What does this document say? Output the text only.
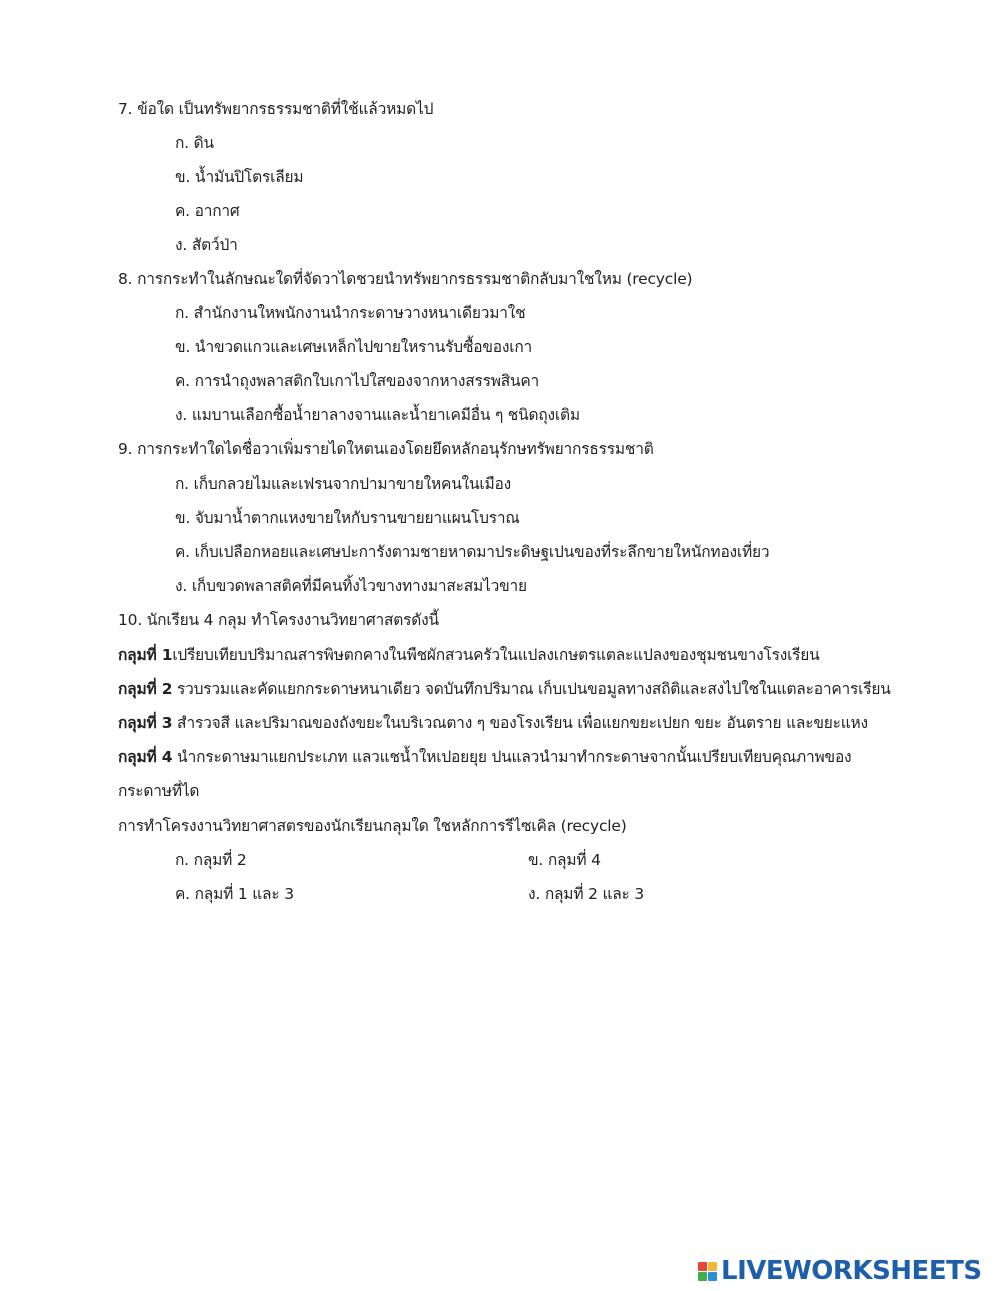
7. ข้อใด เป็นทรัพยากรธรรมชาติที่ใช้แล้วหมดไป
ก. ดิน
ข. น้ำมันปิโตรเลียม
ค. อากาศ
ง. สัตว์ป่า
8. การกระทำในลักษณะใดที่จัดวาไดชวยนำทรัพยากรธรรมชาติกลับมาใชใหม (recycle)
ก. สำนักงานใหพนักงานนำกระดาษวางหนาเดียวมาใช
ข. นำขวดแกวและเศษเหล็กไปขายใหรานรับซื้อของเกา
ค. การนำถุงพลาสติกใบเกาไปใสของจากหางสรรพสินคา
ง. แมบานเลือกซื้อน้ำยาลางจานและน้ำยาเคมีอื่น ๆ ชนิดถุงเติม
9. การกระทำใดไดชื่อวาเพิ่มรายไดใหตนเองโดยยึดหลักอนุรักษทรัพยากรธรรมชาติ
ก. เก็บกลวยไมและเฟรนจากปามาขายใหคนในเมือง
ข. จับมาน้ำตากแหงขายใหกับรานขายยาแผนโบราณ
ค. เก็บเปลือกหอยและเศษปะการังตามชายหาดมาประดิษฐเปนของที่ระลึกขายใหนักทองเที่ยว
ง. เก็บขวดพลาสติคที่มีคนทิ้งไวขางทางมาสะสมไวขาย
10. นักเรียน 4 กลุม ทำโครงงานวิทยาศาสตรดังนี้
กลุมที่ 1เปรียบเทียบปริมาณสารพิษตกคางในพืชผักสวนครัวในแปลงเกษตรแตละแปลงของชุมชนขางโรงเรียน
กลุมที่ 2 รวบรวมและคัดแยกกระดาษหนาเดียว จดบันทึกปริมาณ เก็บเปนขอมูลทางสถิติและสงไปใชในแตละอาคารเรียน
กลุมที่ 3 สำรวจสี และปริมาณของถังขยะในบริเวณตาง ๆ ของโรงเรียน เพื่อแยกขยะเปยก ขยะ อันตราย และขยะแหง
กลุมที่ 4 นำกระดาษมาแยกประเภท แลวแชน้ำใหเปอยยุย ปนแลวนำมาทำกระดาษจากนั้นเปรียบเทียบคุณภาพของ
กระดาษที่ได
การทำโครงงานวิทยาศาสตรของนักเรียนกลุมใด ใชหลักการรีไซเคิล (recycle)
ก. กลุมที่ 2	ข. กลุมที่ 4
ค. กลุมที่ 1 และ 3	ง. กลุมที่ 2 และ 3
LIVEWORKSHEETS
